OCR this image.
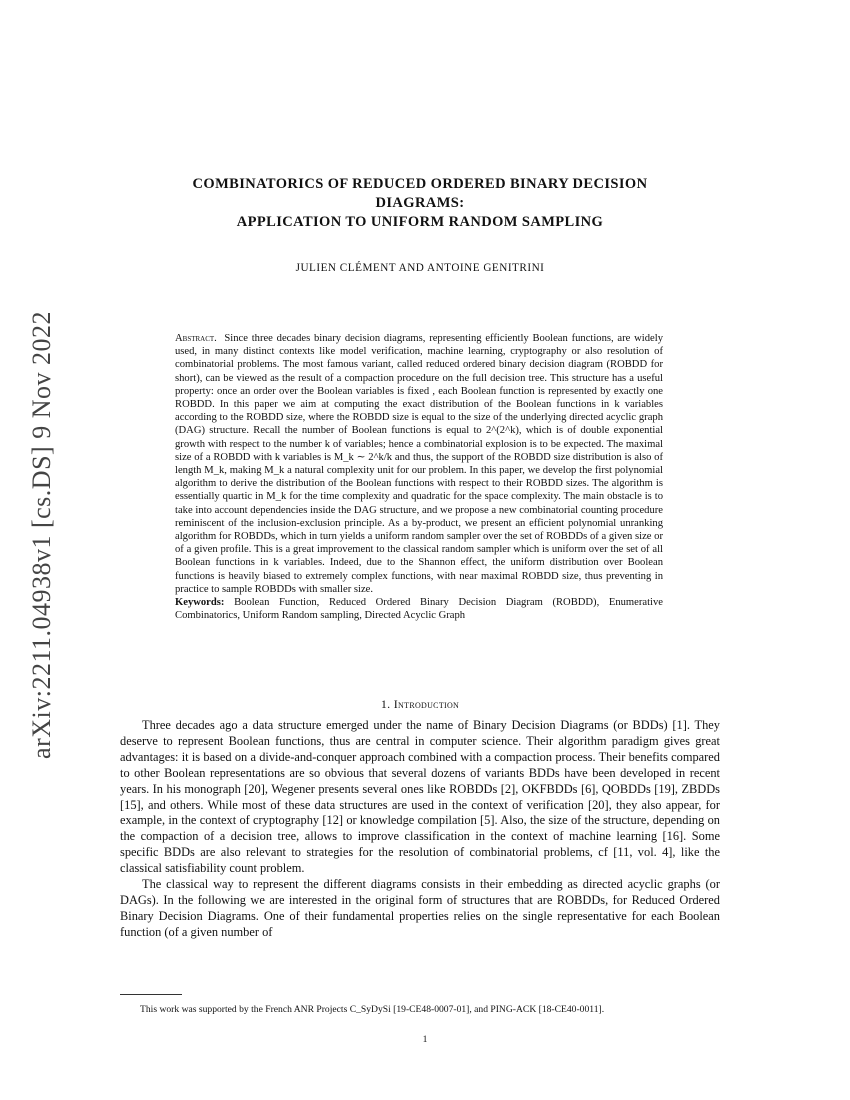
arXiv:2211.04938v1 [cs.DS] 9 Nov 2022
COMBINATORICS OF REDUCED ORDERED BINARY DECISION
DIAGRAMS:
APPLICATION TO UNIFORM RANDOM SAMPLING
JULIEN CLÉMENT AND ANTOINE GENITRINI

Abstract. Since three decades binary decision diagrams, representing efficiently Boolean functions, are widely used, in many distinct contexts like model verification, machine learning, cryptography or also resolution of combinatorial problems. The most famous variant, called reduced ordered binary decision diagram (ROBDD for short), can be viewed as the result of a compaction procedure on the full decision tree. This structure has a useful property: once an order over the Boolean variables is fixed , each Boolean function is represented by exactly one ROBDD. In this paper we aim at computing the exact distribution of the Boolean functions in k variables according to the ROBDD size, where the ROBDD size is equal to the size of the underlying directed acyclic graph (DAG) structure. Recall the number of Boolean functions is equal to 2^(2^k), which is of double exponential growth with respect to the number k of variables; hence a combinatorial explosion is to be expected. The maximal size of a ROBDD with k variables is M_k ∼ 2^k/k and thus, the support of the ROBDD size distribution is also of length M_k, making M_k a natural complexity unit for our problem. In this paper, we develop the first polynomial algorithm to derive the distribution of the Boolean functions with respect to their ROBDD sizes. The algorithm is essentially quartic in M_k for the time complexity and quadratic for the space complexity. The main obstacle is to take into account dependencies inside the DAG structure, and we propose a new combinatorial counting procedure reminiscent of the inclusion-exclusion principle. As a by-product, we present an efficient polynomial unranking algorithm for ROBDDs, which in turn yields a uniform random sampler over the set of ROBDDs of a given size or of a given profile. This is a great improvement to the classical random sampler which is uniform over the set of all Boolean functions in k variables. Indeed, due to the Shannon effect, the uniform distribution over Boolean functions is heavily biased to extremely complex functions, with near maximal ROBDD size, thus preventing in practice to sample ROBDDs with smaller size.

Keywords: Boolean Function, Reduced Ordered Binary Decision Diagram (ROBDD), Enumerative Combinatorics, Uniform Random sampling, Directed Acyclic Graph

1. Introduction

Three decades ago a data structure emerged under the name of Binary Decision Diagrams (or BDDs) [1]. They deserve to represent Boolean functions, thus are central in computer science. Their algorithm paradigm gives great advantages: it is based on a divide-and-conquer approach combined with a compaction process. Their benefits compared to other Boolean representations are so obvious that several dozens of variants BDDs have been developed in recent years. In his monograph [20], Wegener presents several ones like ROBDDs [2], OKFBDDs [6], QOBDDs [19], ZBDDs [15], and others. While most of these data structures are used in the context of verification [20], they also appear, for example, in the context of cryptography [12] or knowledge compilation [5]. Also, the size of the structure, depending on the compaction of a decision tree, allows to improve classification in the context of machine learning [16]. Some specific BDDs are also relevant to strategies for the resolution of combinatorial problems, cf [11, vol. 4], like the classical satisfiability count problem.

The classical way to represent the different diagrams consists in their embedding as directed acyclic graphs (or DAGs). In the following we are interested in the original form of structures that are ROBDDs, for Reduced Ordered Binary Decision Diagrams. One of their fundamental properties relies on the single representative for each Boolean function (of a given number of

This work was supported by the French ANR Projects C_SyDySi [19-CE48-0007-01], and PING-ACK [18-CE40-0011].
1
